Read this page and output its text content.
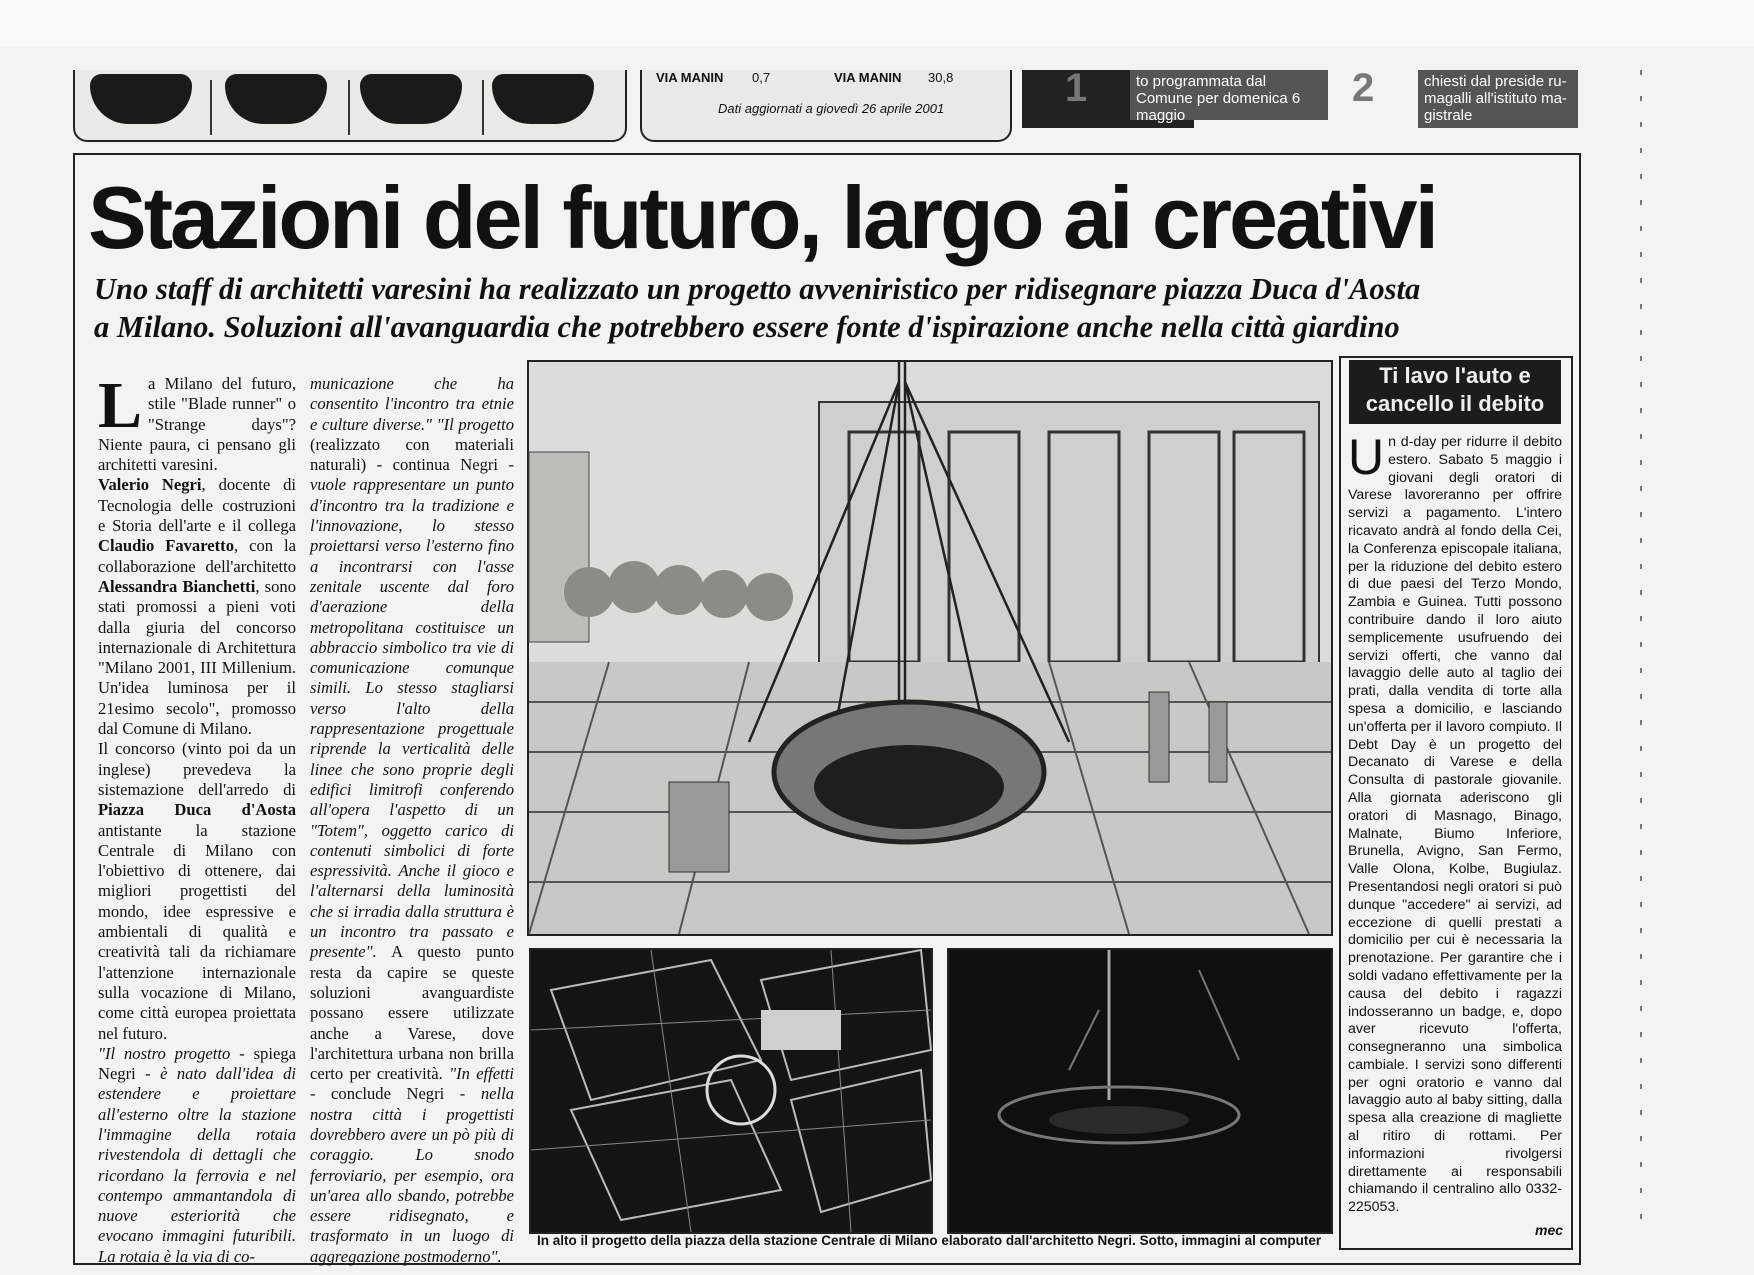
VIA MANIN 0,7	VIA MANIN 30,8
Dati aggiornati a giovedì 26 aprile 2001	1	to programmata dal Comune per domenica 6 maggio
2	chiesti dal preside ru-magalli all'istituto ma-gistrale
Stazioni del futuro, largo ai creativi
Uno staff di architetti varesini ha realizzato un progetto avveniristico per ridisegnare piazza Duca d'Aosta
a Milano. Soluzioni all'avanguardia che potrebbero essere fonte d'ispirazione anche nella città giardino

La Milano del futuro, stile "Blade runner" o "Strange days"? Niente paura, ci pensano gli architetti varesini.

Valerio Negri, docente di Tecnologia delle costruzioni e Storia dell'arte e il collega Claudio Favaretto, con la collaborazione dell'architetto Alessandra Bianchetti, sono stati promossi a pieni voti dalla giuria del concorso internazionale di Architettura "Milano 2001, III Millenium. Un'idea luminosa per il 21esimo secolo", promosso dal Comune di Milano.

Il concorso (vinto poi da un inglese) prevedeva la sistemazione dell'arredo di Piazza Duca d'Aosta antistante la stazione Centrale di Milano con l'obiettivo di ottenere, dai migliori progettisti del mondo, idee espressive e ambientali di qualità e creatività tali da richiamare l'attenzione internazionale sulla vocazione di Milano, come città europea proiettata nel futuro.

"Il nostro progetto - spiega Negri - è nato dall'idea di estendere e proiettare all'esterno oltre la stazione l'immagine della rotaia rivestendola di dettagli che ricordano la ferrovia e nel contempo ammantandola di nuove esteriorità che evocano immagini futuribili. La rotaia è la via di co-

municazione che ha consentito l'incontro tra etnie e culture diverse." "Il progetto (realizzato con materiali naturali) - continua Negri - vuole rappresentare un punto d'incontro tra la tradizione e l'innovazione, lo stesso proiettarsi verso l'esterno fino a incontrarsi con l'asse zenitale uscente dal foro d'aerazione della metropolitana costituisce un abbraccio simbolico tra vie di comunicazione comunque simili. Lo stesso stagliarsi verso l'alto della rappresentazione progettuale riprende la verticalità delle linee che sono proprie degli edifici limitrofi conferendo all'opera l'aspetto di un "Totem", oggetto carico di contenuti simbolici di forte espressività. Anche il gioco e l'alternarsi della luminosità che si irradia dalla struttura è un incontro tra passato e presente". A questo punto resta da capire se queste soluzioni avanguardiste possano essere utilizzate anche a Varese, dove l'architettura urbana non brilla certo per creatività. "In effetti - conclude Negri - nella nostra città i progettisti dovrebbero avere un pò più di coraggio. Lo snodo ferroviario, per esempio, ora un'area allo sbando, potrebbe essere ridisegnato, e trasformato in un luogo di aggregazione postmoderno".

In alto il progetto della piazza della stazione Centrale di Milano elaborato dall'architetto Negri. Sotto, immagini al computer
Ti lavo l'auto e
cancello il debito
Un d-day per ridurre il debito estero. Sabato 5 maggio i giovani degli oratori di Varese lavoreranno per offrire servizi a pagamento. L'intero ricavato andrà al fondo della Cei, la Conferenza episcopale italiana, per la riduzione del debito estero di due paesi del Terzo Mondo, Zambia e Guinea. Tutti possono contribuire dando il loro aiuto semplicemente usufruendo dei servizi offerti, che vanno dal lavaggio delle auto al taglio dei prati, dalla vendita di torte alla spesa a domicilio, e lasciando un'offerta per il lavoro compiuto. Il Debt Day è un progetto del Decanato di Varese e della Consulta di pastorale giovanile. Alla giornata aderiscono gli oratori di Masnago, Binago, Malnate, Biumo Inferiore, Brunella, Avigno, San Fermo, Valle Olona, Kolbe, Bugiulaz. Presentandosi negli oratori si può dunque "accedere" ai servizi, ad eccezione di quelli prestati a domicilio per cui è necessaria la prenotazione. Per garantire che i soldi vadano effettivamente per la causa del debito i ragazzi indosseranno un badge, e, dopo aver ricevuto l'offerta, consegneranno una simbolica cambiale. I servizi sono differenti per ogni oratorio e vanno dal lavaggio auto al baby sitting, dalla spesa alla creazione di magliette al ritiro di rottami. Per informazioni rivolgersi direttamente ai responsabili chiamando il centralino allo 0332-225053.
mec
